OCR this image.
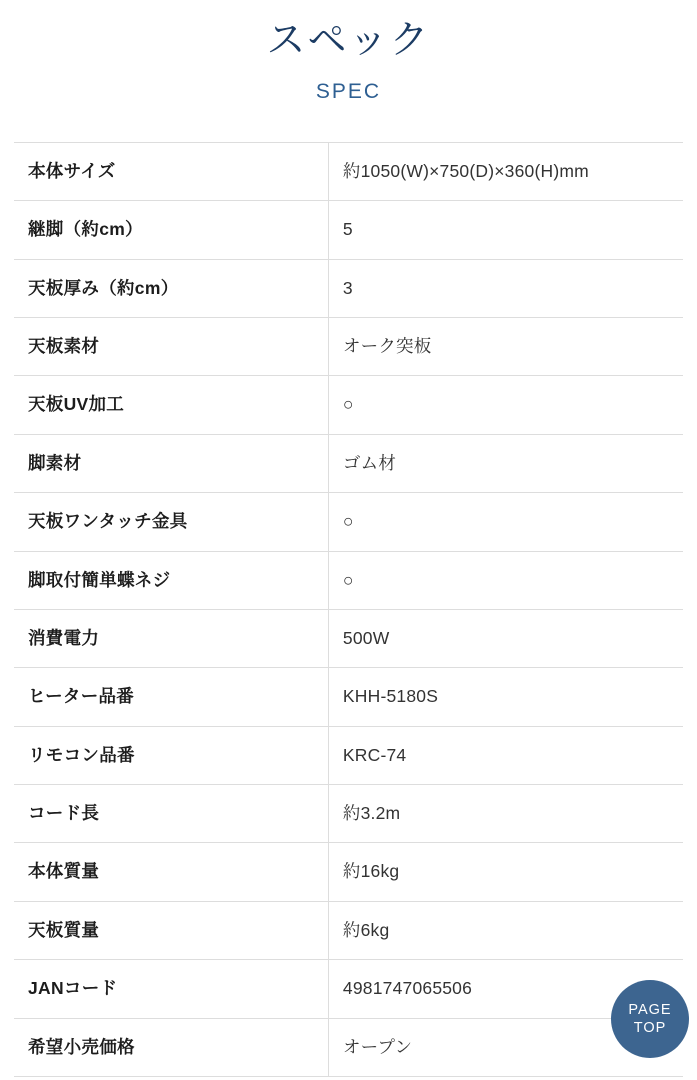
スペック
SPEC
本体サイズ	約1050(W)×750(D)×360(H)mm
継脚（約cm）	5
天板厚み（約cm）	3
天板素材	オーク突板
天板UV加工	○
脚素材	ゴム材
天板ワンタッチ金具	○
脚取付簡単蝶ネジ	○
消費電力	500W
ヒーター品番	KHH-5180S
リモコン品番	KRC-74
コード長	約3.2m
本体質量	約16kg
天板質量	約6kg
JANコード	4981747065506
希望小売価格	オープン
PAGE
TOP
